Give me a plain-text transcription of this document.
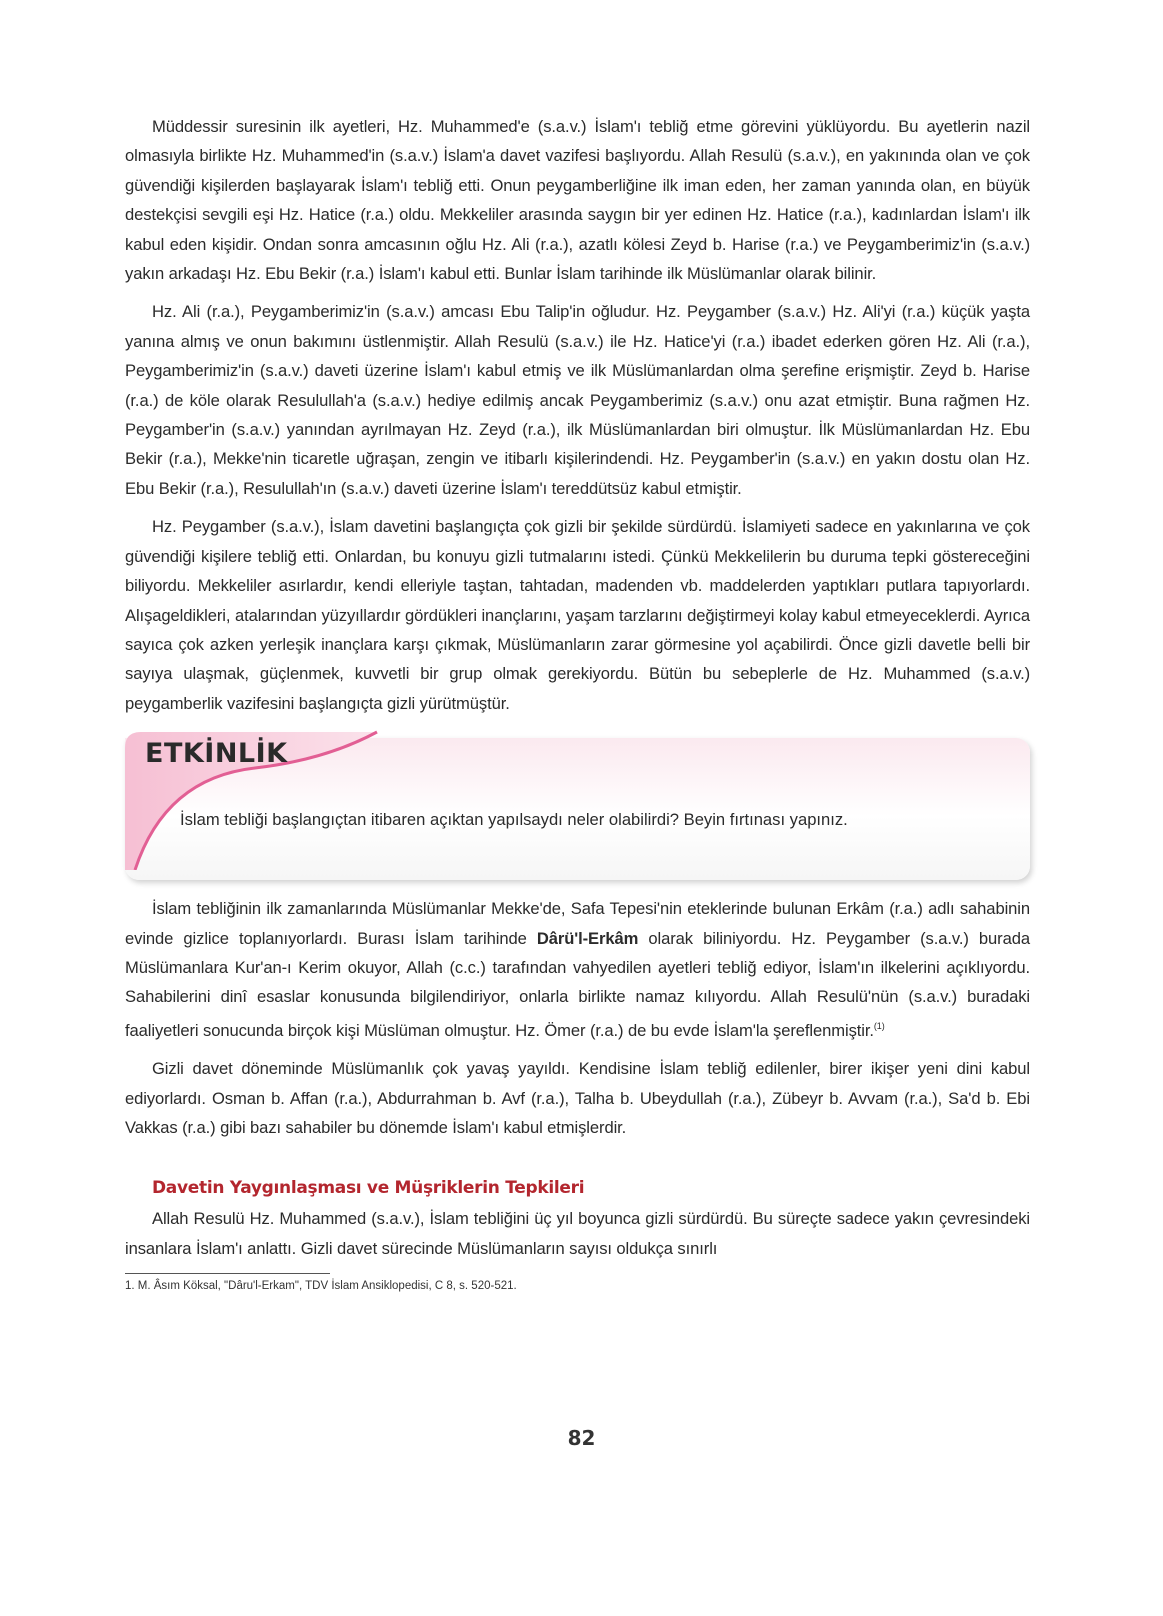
Müddessir suresinin ilk ayetleri, Hz. Muhammed'e (s.a.v.) İslam'ı tebliğ etme görevini yüklüyordu. Bu ayetlerin nazil olmasıyla birlikte Hz. Muhammed'in (s.a.v.) İslam'a davet vazifesi başlıyordu. Allah Resulü (s.a.v.), en yakınında olan ve çok güvendiği kişilerden başlayarak İslam'ı tebliğ etti. Onun peygamberliğine ilk iman eden, her zaman yanında olan, en büyük destekçisi sevgili eşi Hz. Hatice (r.a.) oldu. Mekkeliler arasında saygın bir yer edinen Hz. Hatice (r.a.), kadınlardan İslam'ı ilk kabul eden kişidir. Ondan sonra amcasının oğlu Hz. Ali (r.a.), azatlı kölesi Zeyd b. Harise (r.a.) ve Peygamberimiz'in (s.a.v.) yakın arkadaşı Hz. Ebu Bekir (r.a.) İslam'ı kabul etti. Bunlar İslam tarihinde ilk Müslümanlar olarak bilinir.

Hz. Ali (r.a.), Peygamberimiz'in (s.a.v.) amcası Ebu Talip'in oğludur. Hz. Peygamber (s.a.v.) Hz. Ali'yi (r.a.) küçük yaşta yanına almış ve onun bakımını üstlenmiştir. Allah Resulü (s.a.v.) ile Hz. Hatice'yi (r.a.) ibadet ederken gören Hz. Ali (r.a.), Peygamberimiz'in (s.a.v.) daveti üzerine İslam'ı kabul etmiş ve ilk Müslümanlardan olma şerefine erişmiştir. Zeyd b. Harise (r.a.) de köle olarak Resulullah'a (s.a.v.) hediye edilmiş ancak Peygamberimiz (s.a.v.) onu azat etmiştir. Buna rağmen Hz. Peygamber'in (s.a.v.) yanından ayrılmayan Hz. Zeyd (r.a.), ilk Müslümanlardan biri olmuştur. İlk Müslümanlardan Hz. Ebu Bekir (r.a.), Mekke'nin ticaretle uğraşan, zengin ve itibarlı kişilerindendi. Hz. Peygamber'in (s.a.v.) en yakın dostu olan Hz. Ebu Bekir (r.a.), Resulullah'ın (s.a.v.) daveti üzerine İslam'ı tereddütsüz kabul etmiştir.

Hz. Peygamber (s.a.v.), İslam davetini başlangıçta çok gizli bir şekilde sürdürdü. İslamiyeti sadece en yakınlarına ve çok güvendiği kişilere tebliğ etti. Onlardan, bu konuyu gizli tutmalarını istedi. Çünkü Mekkelilerin bu duruma tepki göstereceğini biliyordu. Mekkeliler asırlardır, kendi elleriyle taştan, tahtadan, madenden vb. maddelerden yaptıkları putlara tapıyorlardı. Alışageldikleri, atalarından yüzyıllardır gördükleri inançlarını, yaşam tarzlarını değiştirmeyi kolay kabul etmeyeceklerdi. Ayrıca sayıca çok azken yerleşik inançlara karşı çıkmak, Müslümanların zarar görmesine yol açabilirdi. Önce gizli davetle belli bir sayıya ulaşmak, güçlenmek, kuvvetli bir grup olmak gerekiyordu. Bütün bu sebeplerle de Hz. Muhammed (s.a.v.) peygamberlik vazifesini başlangıçta gizli yürütmüştür.

ETKİNLİK
İslam tebliği başlangıçtan itibaren açıktan yapılsaydı neler olabilirdi? Beyin fırtınası yapınız.

İslam tebliğinin ilk zamanlarında Müslümanlar Mekke'de, Safa Tepesi'nin eteklerinde bulunan Erkâm (r.a.) adlı sahabinin evinde gizlice toplanıyorlardı. Burası İslam tarihinde Dârü'l-Erkâm olarak biliniyordu. Hz. Peygamber (s.a.v.) burada Müslümanlara Kur'an-ı Kerim okuyor, Allah (c.c.) tarafından vahyedilen ayetleri tebliğ ediyor, İslam'ın ilkelerini açıklıyordu. Sahabilerini dinî esaslar konusunda bilgilendiriyor, onlarla birlikte namaz kılıyordu. Allah Resulü'nün (s.a.v.) buradaki faaliyetleri sonucunda birçok kişi Müslüman olmuştur. Hz. Ömer (r.a.) de bu evde İslam'la şereflenmiştir.$^{(1)}$

Gizli davet döneminde Müslümanlık çok yavaş yayıldı. Kendisine İslam tebliğ edilenler, birer ikişer yeni dini kabul ediyorlardı. Osman b. Affan (r.a.), Abdurrahman b. Avf (r.a.), Talha b. Ubeydullah (r.a.), Zübeyr b. Avvam (r.a.), Sa'd b. Ebi Vakkas (r.a.) gibi bazı sahabiler bu dönemde İslam'ı kabul etmişlerdir.

Davetin Yaygınlaşması ve Müşriklerin Tepkileri

Allah Resulü Hz. Muhammed (s.a.v.), İslam tebliğini üç yıl boyunca gizli sürdürdü. Bu süreçte sadece yakın çevresindeki insanlara İslam'ı anlattı. Gizli davet sürecinde Müslümanların sayısı oldukça sınırlı

1. M. Âsım Köksal, "Dâru'l-Erkam", TDV İslam Ansiklopedisi, C 8, s. 520-521.
82
